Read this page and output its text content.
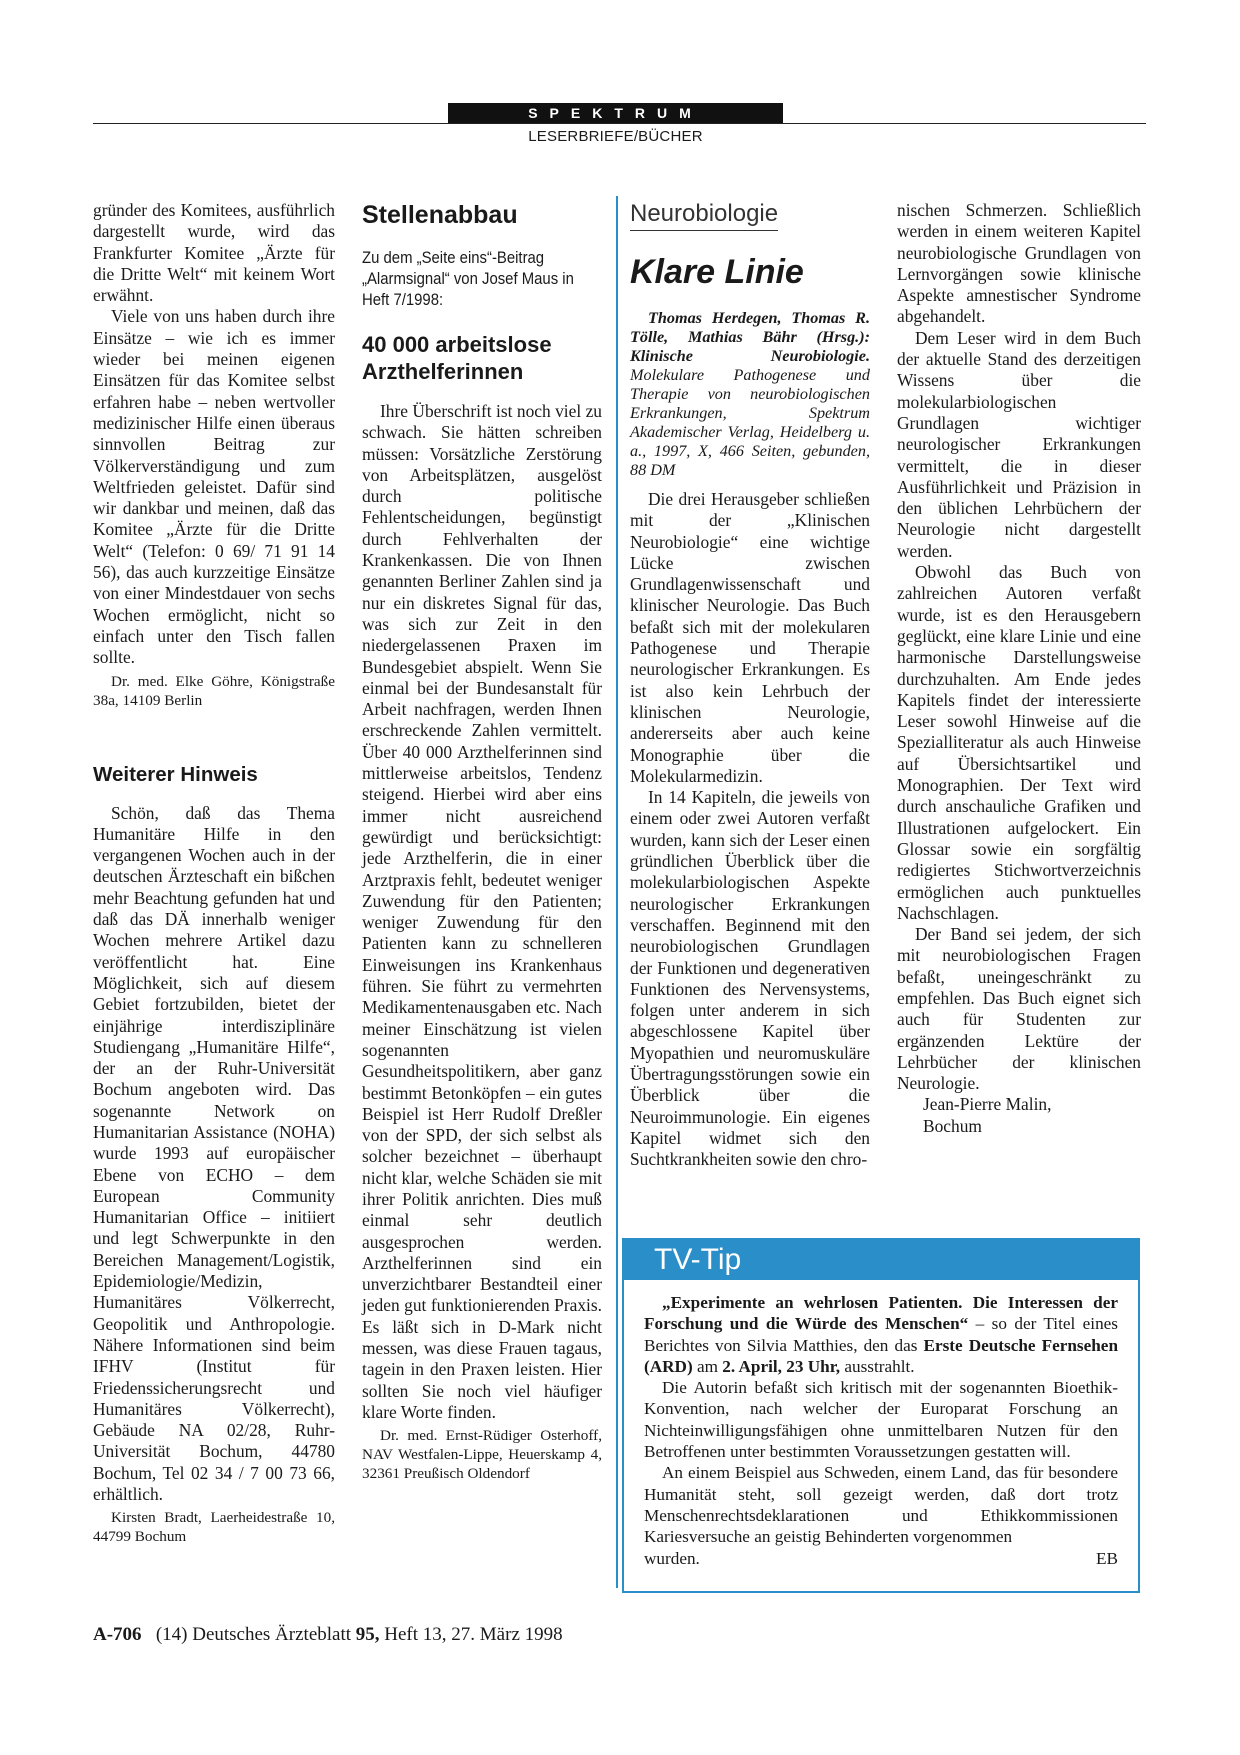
SPEKTRUM
LESERBRIEFE/BÜCHER

gründer des Komitees, ausführlich dargestellt wurde, wird das Frankfurter Komitee „Ärzte für die Dritte Welt“ mit keinem Wort erwähnt.

Viele von uns haben durch ihre Einsätze – wie ich es immer wieder bei meinen eigenen Einsätzen für das Komitee selbst erfahren habe – neben wertvoller medizinischer Hilfe einen überaus sinnvollen Beitrag zur Völkerverständigung und zum Weltfrieden geleistet. Dafür sind wir dankbar und meinen, daß das Komitee „Ärzte für die Dritte Welt“ (Telefon: 0 69/ 71 91 14 56), das auch kurzzeitige Einsätze von einer Mindestdauer von sechs Wochen ermöglicht, nicht so einfach unter den Tisch fallen sollte.

Dr. med. Elke Göhre, Königstraße 38a, 14109 Berlin

Weiterer Hinweis

Schön, daß das Thema Humanitäre Hilfe in den vergangenen Wochen auch in der deutschen Ärzteschaft ein bißchen mehr Beachtung gefunden hat und daß das DÄ innerhalb weniger Wochen mehrere Artikel dazu veröffentlicht hat. Eine Möglichkeit, sich auf diesem Gebiet fortzubilden, bietet der einjährige interdisziplinäre Studiengang „Humanitäre Hilfe“, der an der Ruhr-Universität Bochum angeboten wird. Das sogenannte Network on Humanitarian Assistance (NOHA) wurde 1993 auf europäischer Ebene von ECHO – dem European Community Humanitarian Office – initiiert und legt Schwerpunkte in den Bereichen Management/Logistik, Epidemiologie/Medizin, Humanitäres Völkerrecht, Geopolitik und Anthropologie. Nähere Informationen sind beim IFHV (Institut für Friedenssicherungsrecht und Humanitäres Völkerrecht), Gebäude NA 02/28, Ruhr-Universität Bochum, 44780 Bochum, Tel 02 34 / 7 00 73 66, erhältlich.

Kirsten Bradt, Laerheidestraße 10, 44799 Bochum

Stellenabbau
Zu dem „Seite eins“-Beitrag „Alarmsignal“ von Josef Maus in Heft 7/1998:
40 000 arbeitslose Arzthelferinnen

Ihre Überschrift ist noch viel zu schwach. Sie hätten schreiben müssen: Vorsätzliche Zerstörung von Arbeitsplätzen, ausgelöst durch politische Fehlentscheidungen, begünstigt durch Fehlverhalten der Krankenkassen. Die von Ihnen genannten Berliner Zahlen sind ja nur ein diskretes Signal für das, was sich zur Zeit in den niedergelassenen Praxen im Bundesgebiet abspielt. Wenn Sie einmal bei der Bundesanstalt für Arbeit nachfragen, werden Ihnen erschreckende Zahlen vermittelt. Über 40 000 Arzthelferinnen sind mittlerweise arbeitslos, Tendenz steigend. Hierbei wird aber eins immer nicht ausreichend gewürdigt und berücksichtigt: jede Arzthelferin, die in einer Arztpraxis fehlt, bedeutet weniger Zuwendung für den Patienten; weniger Zuwendung für den Patienten kann zu schnelleren Einweisungen ins Krankenhaus führen. Sie führt zu vermehrten Medikamentenausgaben etc. Nach meiner Einschätzung ist vielen sogenannten Gesundheitspolitikern, aber ganz bestimmt Betonköpfen – ein gutes Beispiel ist Herr Rudolf Dreßler von der SPD, der sich selbst als solcher bezeichnet – überhaupt nicht klar, welche Schäden sie mit ihrer Politik anrichten. Dies muß einmal sehr deutlich ausgesprochen werden. Arzthelferinnen sind ein unverzichtbarer Bestandteil einer jeden gut funktionierenden Praxis. Es läßt sich in D-Mark nicht messen, was diese Frauen tagaus, tagein in den Praxen leisten. Hier sollten Sie noch viel häufiger klare Worte finden.

Dr. med. Ernst-Rüdiger Osterhoff, NAV Westfalen-Lippe, Heuerskamp 4, 32361 Preußisch Oldendorf

Neurobiologie
Klare Linie
Thomas Herdegen, Thomas R. Tölle, Mathias Bähr (Hrsg.): Klinische Neurobiologie. Molekulare Pathogenese und Therapie von neurobiologischen Erkrankungen, Spektrum Akademischer Verlag, Heidelberg u. a., 1997, X, 466 Seiten, gebunden, 88 DM

Die drei Herausgeber schließen mit der „Klinischen Neurobiologie“ eine wichtige Lücke zwischen Grundlagenwissenschaft und klinischer Neurologie. Das Buch befaßt sich mit der molekularen Pathogenese und Therapie neurologischer Erkrankungen. Es ist also kein Lehrbuch der klinischen Neurologie, andererseits aber auch keine Monographie über die Molekularmedizin.

In 14 Kapiteln, die jeweils von einem oder zwei Autoren verfaßt wurden, kann sich der Leser einen gründlichen Überblick über die molekularbiologischen Aspekte neurologischer Erkrankungen verschaffen. Beginnend mit den neurobiologischen Grundlagen der Funktionen und degenerativen Funktionen des Nervensystems, folgen unter anderem in sich abgeschlossene Kapitel über Myopathien und neuromuskuläre Übertragungsstörungen sowie ein Überblick über die Neuroimmunologie. Ein eigenes Kapitel widmet sich den Suchtkrankheiten sowie den chro-

nischen Schmerzen. Schließlich werden in einem weiteren Kapitel neurobiologische Grundlagen von Lernvorgängen sowie klinische Aspekte amnestischer Syndrome abgehandelt.

Dem Leser wird in dem Buch der aktuelle Stand des derzeitigen Wissens über die molekularbiologischen Grundlagen wichtiger neurologischer Erkrankungen vermittelt, die in dieser Ausführlichkeit und Präzision in den üblichen Lehrbüchern der Neurologie nicht dargestellt werden.

Obwohl das Buch von zahlreichen Autoren verfaßt wurde, ist es den Herausgebern geglückt, eine klare Linie und eine harmonische Darstellungsweise durchzuhalten. Am Ende jedes Kapitels findet der interessierte Leser sowohl Hinweise auf die Spezialliteratur als auch Hinweise auf Übersichtsartikel und Monographien. Der Text wird durch anschauliche Grafiken und Illustrationen aufgelockert. Ein Glossar sowie ein sorgfältig redigiertes Stichwortverzeichnis ermöglichen auch punktuelles Nachschlagen.

Der Band sei jedem, der sich mit neurobiologischen Fragen befaßt, uneingeschränkt zu empfehlen. Das Buch eignet sich auch für Studenten zur ergänzenden Lektüre der Lehrbücher der klinischen Neurologie.

Jean-Pierre Malin,

Bochum

TV-Tip

„Experimente an wehrlosen Patienten. Die Interessen der Forschung und die Würde des Menschen“ – so der Titel eines Berichtes von Silvia Matthies, den das Erste Deutsche Fernsehen (ARD) am 2. April, 23 Uhr, ausstrahlt.

Die Autorin befaßt sich kritisch mit der sogenannten Bioethik-Konvention, nach welcher der Europarat Forschung an Nichteinwilligungsfähigen ohne unmittelbaren Nutzen für den Betroffenen unter bestimmten Voraussetzungen gestatten will.

An einem Beispiel aus Schweden, einem Land, das für besondere Humanität steht, soll gezeigt werden, daß dort trotz Menschenrechtsdeklarationen und Ethikkommissionen Kariesversuche an geistig Behinderten vorgenommen

wurden.	EB

A-706 (14) Deutsches Ärzteblatt 95, Heft 13, 27. März 1998
